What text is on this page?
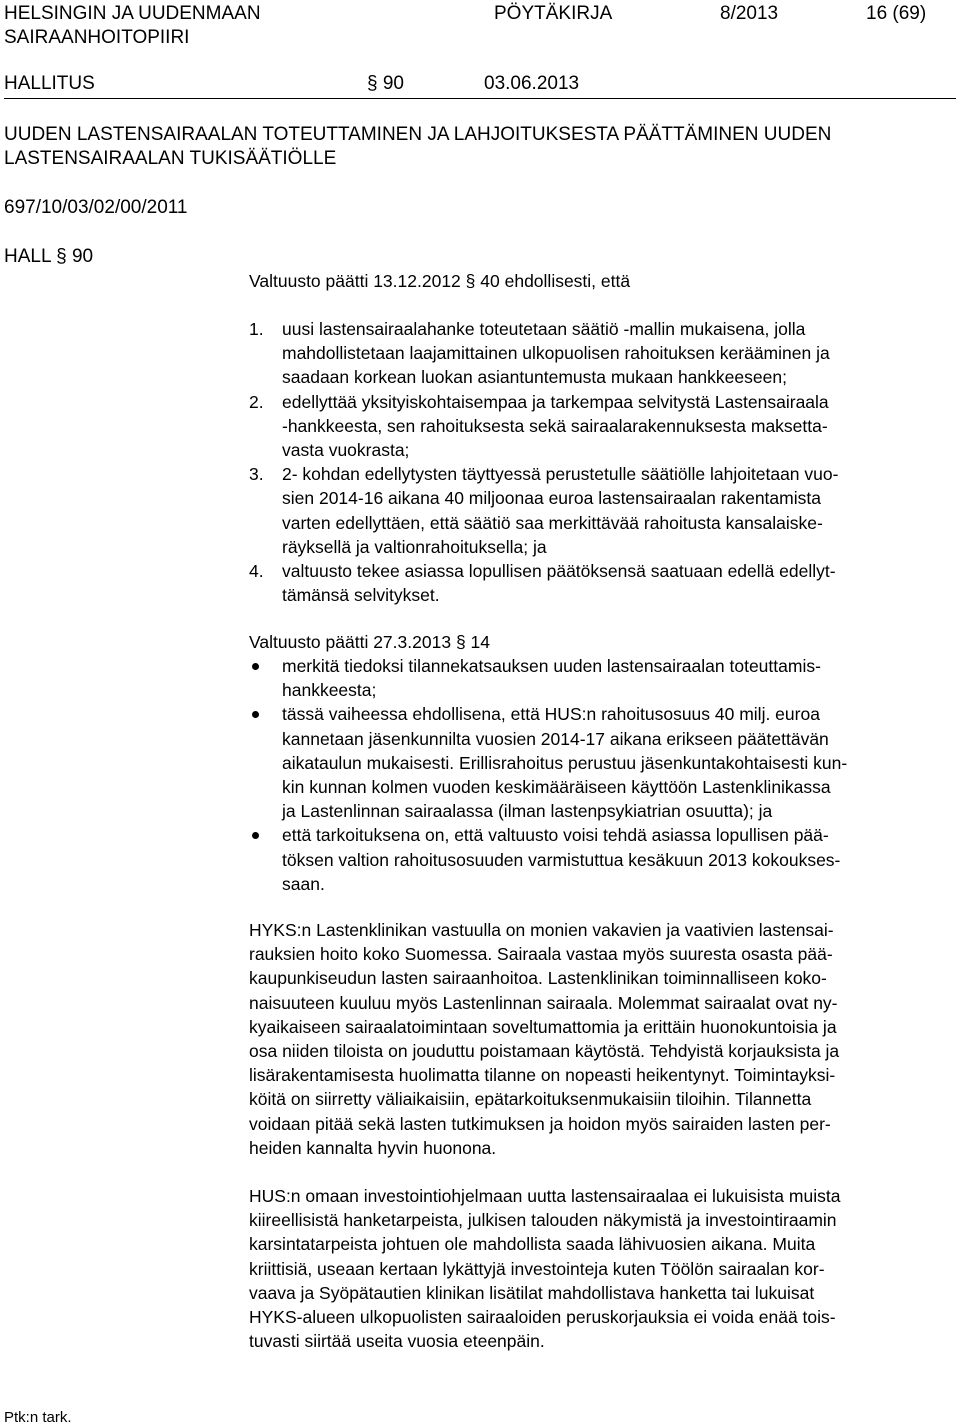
HELSINGIN JA UUDENMAAN
SAIRAANHOITOPIIRI
PÖYTÄKIRJA	8/2013	16 (69)
HALLITUS	§ 90	03.06.2013
UUDEN LASTENSAIRAALAN TOTEUTTAMINEN JA LAHJOITUKSESTA PÄÄTTÄMINEN UUDEN
LASTENSAIRAALAN TUKISÄÄTIÖLLE
697/10/03/02/00/2011
HALL § 90
Valtuusto päätti 13.12.2012 § 40 ehdollisesti, että
1. uusi lastensairaalahanke toteutetaan säätiö -mallin mukaisena, jolla
mahdollistetaan laajamittainen ulkopuolisen rahoituksen kerääminen ja
saadaan korkean luokan asiantuntemusta mukaan hankkeeseen;
2. edellyttää yksityiskohtaisempaa ja tarkempaa selvitystä Lastensairaala
-hankkeesta, sen rahoituksesta sekä sairaalarakennuksesta maksetta-
vasta vuokrasta;
3. 2- kohdan edellytysten täyttyessä perustetulle säätiölle lahjoitetaan vuo-
sien 2014-16 aikana 40 miljoonaa euroa lastensairaalan rakentamista
varten edellyttäen, että säätiö saa merkittävää rahoitusta kansalaiske-
räyksellä ja valtionrahoituksella; ja
4. valtuusto tekee asiassa lopullisen päätöksensä saatuaan edellä edellyt-
tämänsä selvitykset.
Valtuusto päätti 27.3.2013 § 14
merkitä tiedoksi tilannekatsauksen uuden lastensairaalan toteuttamis-
hankkeesta;
tässä vaiheessa ehdollisena, että HUS:n rahoitusosuus 40 milj. euroa
kannetaan jäsenkunnilta vuosien 2014-17 aikana erikseen päätettävän
aikataulun mukaisesti. Erillisrahoitus perustuu jäsenkuntakohtaisesti kun-
kin kunnan kolmen vuoden keskimääräiseen käyttöön Lastenklinikassa
ja Lastenlinnan sairaalassa (ilman lastenpsykiatrian osuutta); ja
että tarkoituksena on, että valtuusto voisi tehdä asiassa lopullisen pää-
töksen valtion rahoitusosuuden varmistuttua kesäkuun 2013 kokoukses-
saan.

HYKS:n Lastenklinikan vastuulla on monien vakavien ja vaativien lastensai-
rauksien hoito koko Suomessa. Sairaala vastaa myös suuresta osasta pää-
kaupunkiseudun lasten sairaanhoitoa. Lastenklinikan toiminnalliseen koko-
naisuuteen kuuluu myös Lastenlinnan sairaala. Molemmat sairaalat ovat ny-
kyaikaiseen sairaalatoimintaan soveltumattomia ja erittäin huonokuntoisia ja
osa niiden tiloista on jouduttu poistamaan käytöstä. Tehdyistä korjauksista ja
lisärakentamisesta huolimatta tilanne on nopeasti heikentynyt. Toimintayksi-
köitä on siirretty väliaikaisiin, epätarkoituksenmukaisiin tiloihin. Tilannetta
voidaan pitää sekä lasten tutkimuksen ja hoidon myös sairaiden lasten per-
heiden kannalta hyvin huonona.

HUS:n omaan investointiohjelmaan uutta lastensairaalaa ei lukuisista muista
kiireellisistä hanketarpeista, julkisen talouden näkymistä ja investointiraamin
karsintatarpeista johtuen ole mahdollista saada lähivuosien aikana. Muita
kriittisiä, useaan kertaan lykättyjä investointeja kuten Töölön sairaalan kor-
vaava ja Syöpätautien klinikan lisätilat mahdollistava hanketta tai lukuisat
HYKS-alueen ulkopuolisten sairaaloiden peruskorjauksia ei voida enää tois-
tuvasti siirtää useita vuosia eteenpäin.

Ptk:n tark.
